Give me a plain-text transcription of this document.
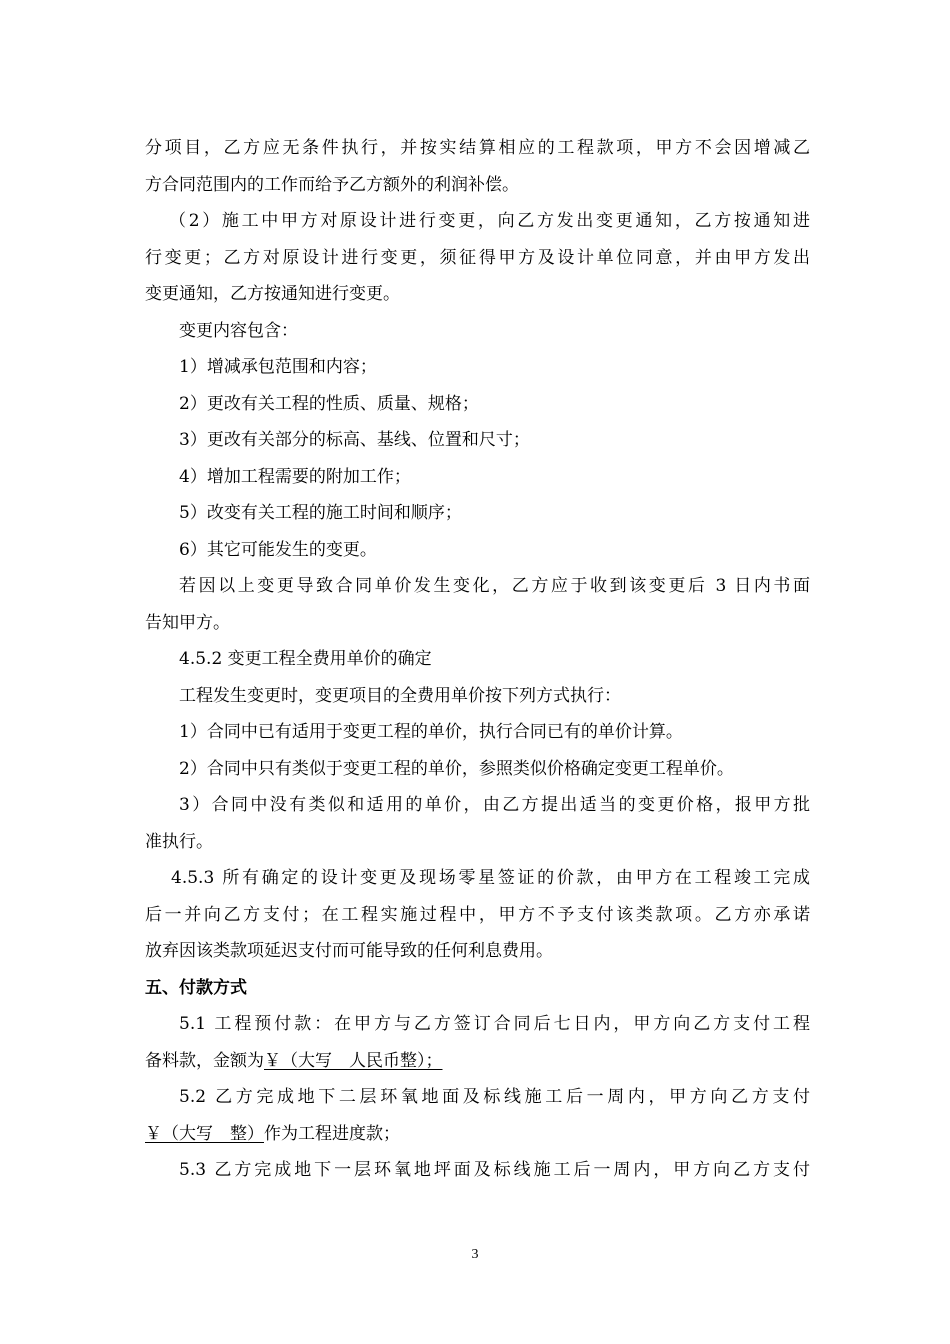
分项目，乙方应无条件执行，并按实结算相应的工程款项，甲方不会因增减乙
方合同范围内的工作而给予乙方额外的利润补偿。
（2）施工中甲方对原设计进行变更，向乙方发出变更通知，乙方按通知进
行变更；乙方对原设计进行变更，须征得甲方及设计单位同意，并由甲方发出
变更通知，乙方按通知进行变更。
变更内容包含：
1）增减承包范围和内容；
2）更改有关工程的性质、质量、规格；
3）更改有关部分的标高、基线、位置和尺寸；
4）增加工程需要的附加工作；
5）改变有关工程的施工时间和顺序；
6）其它可能发生的变更。
若因以上变更导致合同单价发生变化，乙方应于收到该变更后 3 日内书面
告知甲方。
4.5.2 变更工程全费用单价的确定
工程发生变更时，变更项目的全费用单价按下列方式执行：
1）合同中已有适用于变更工程的单价，执行合同已有的单价计算。
2）合同中只有类似于变更工程的单价，参照类似价格确定变更工程单价。
3）合同中没有类似和适用的单价，由乙方提出适当的变更价格，报甲方批
准执行。
4.5.3 所有确定的设计变更及现场零星签证的价款，由甲方在工程竣工完成
后一并向乙方支付；在工程实施过程中，甲方不予支付该类款项。乙方亦承诺
放弃因该类款项延迟支付而可能导致的任何利息费用。
五、付款方式
5.1 工程预付款：在甲方与乙方签订合同后七日内，甲方向乙方支付工程
备料款，金额为￥（大写　人民币整）；
5.2 乙方完成地下二层环氧地面及标线施工后一周内，甲方向乙方支付
￥（大写　整）作为工程进度款；
5.3 乙方完成地下一层环氧地坪面及标线施工后一周内，甲方向乙方支付
3
